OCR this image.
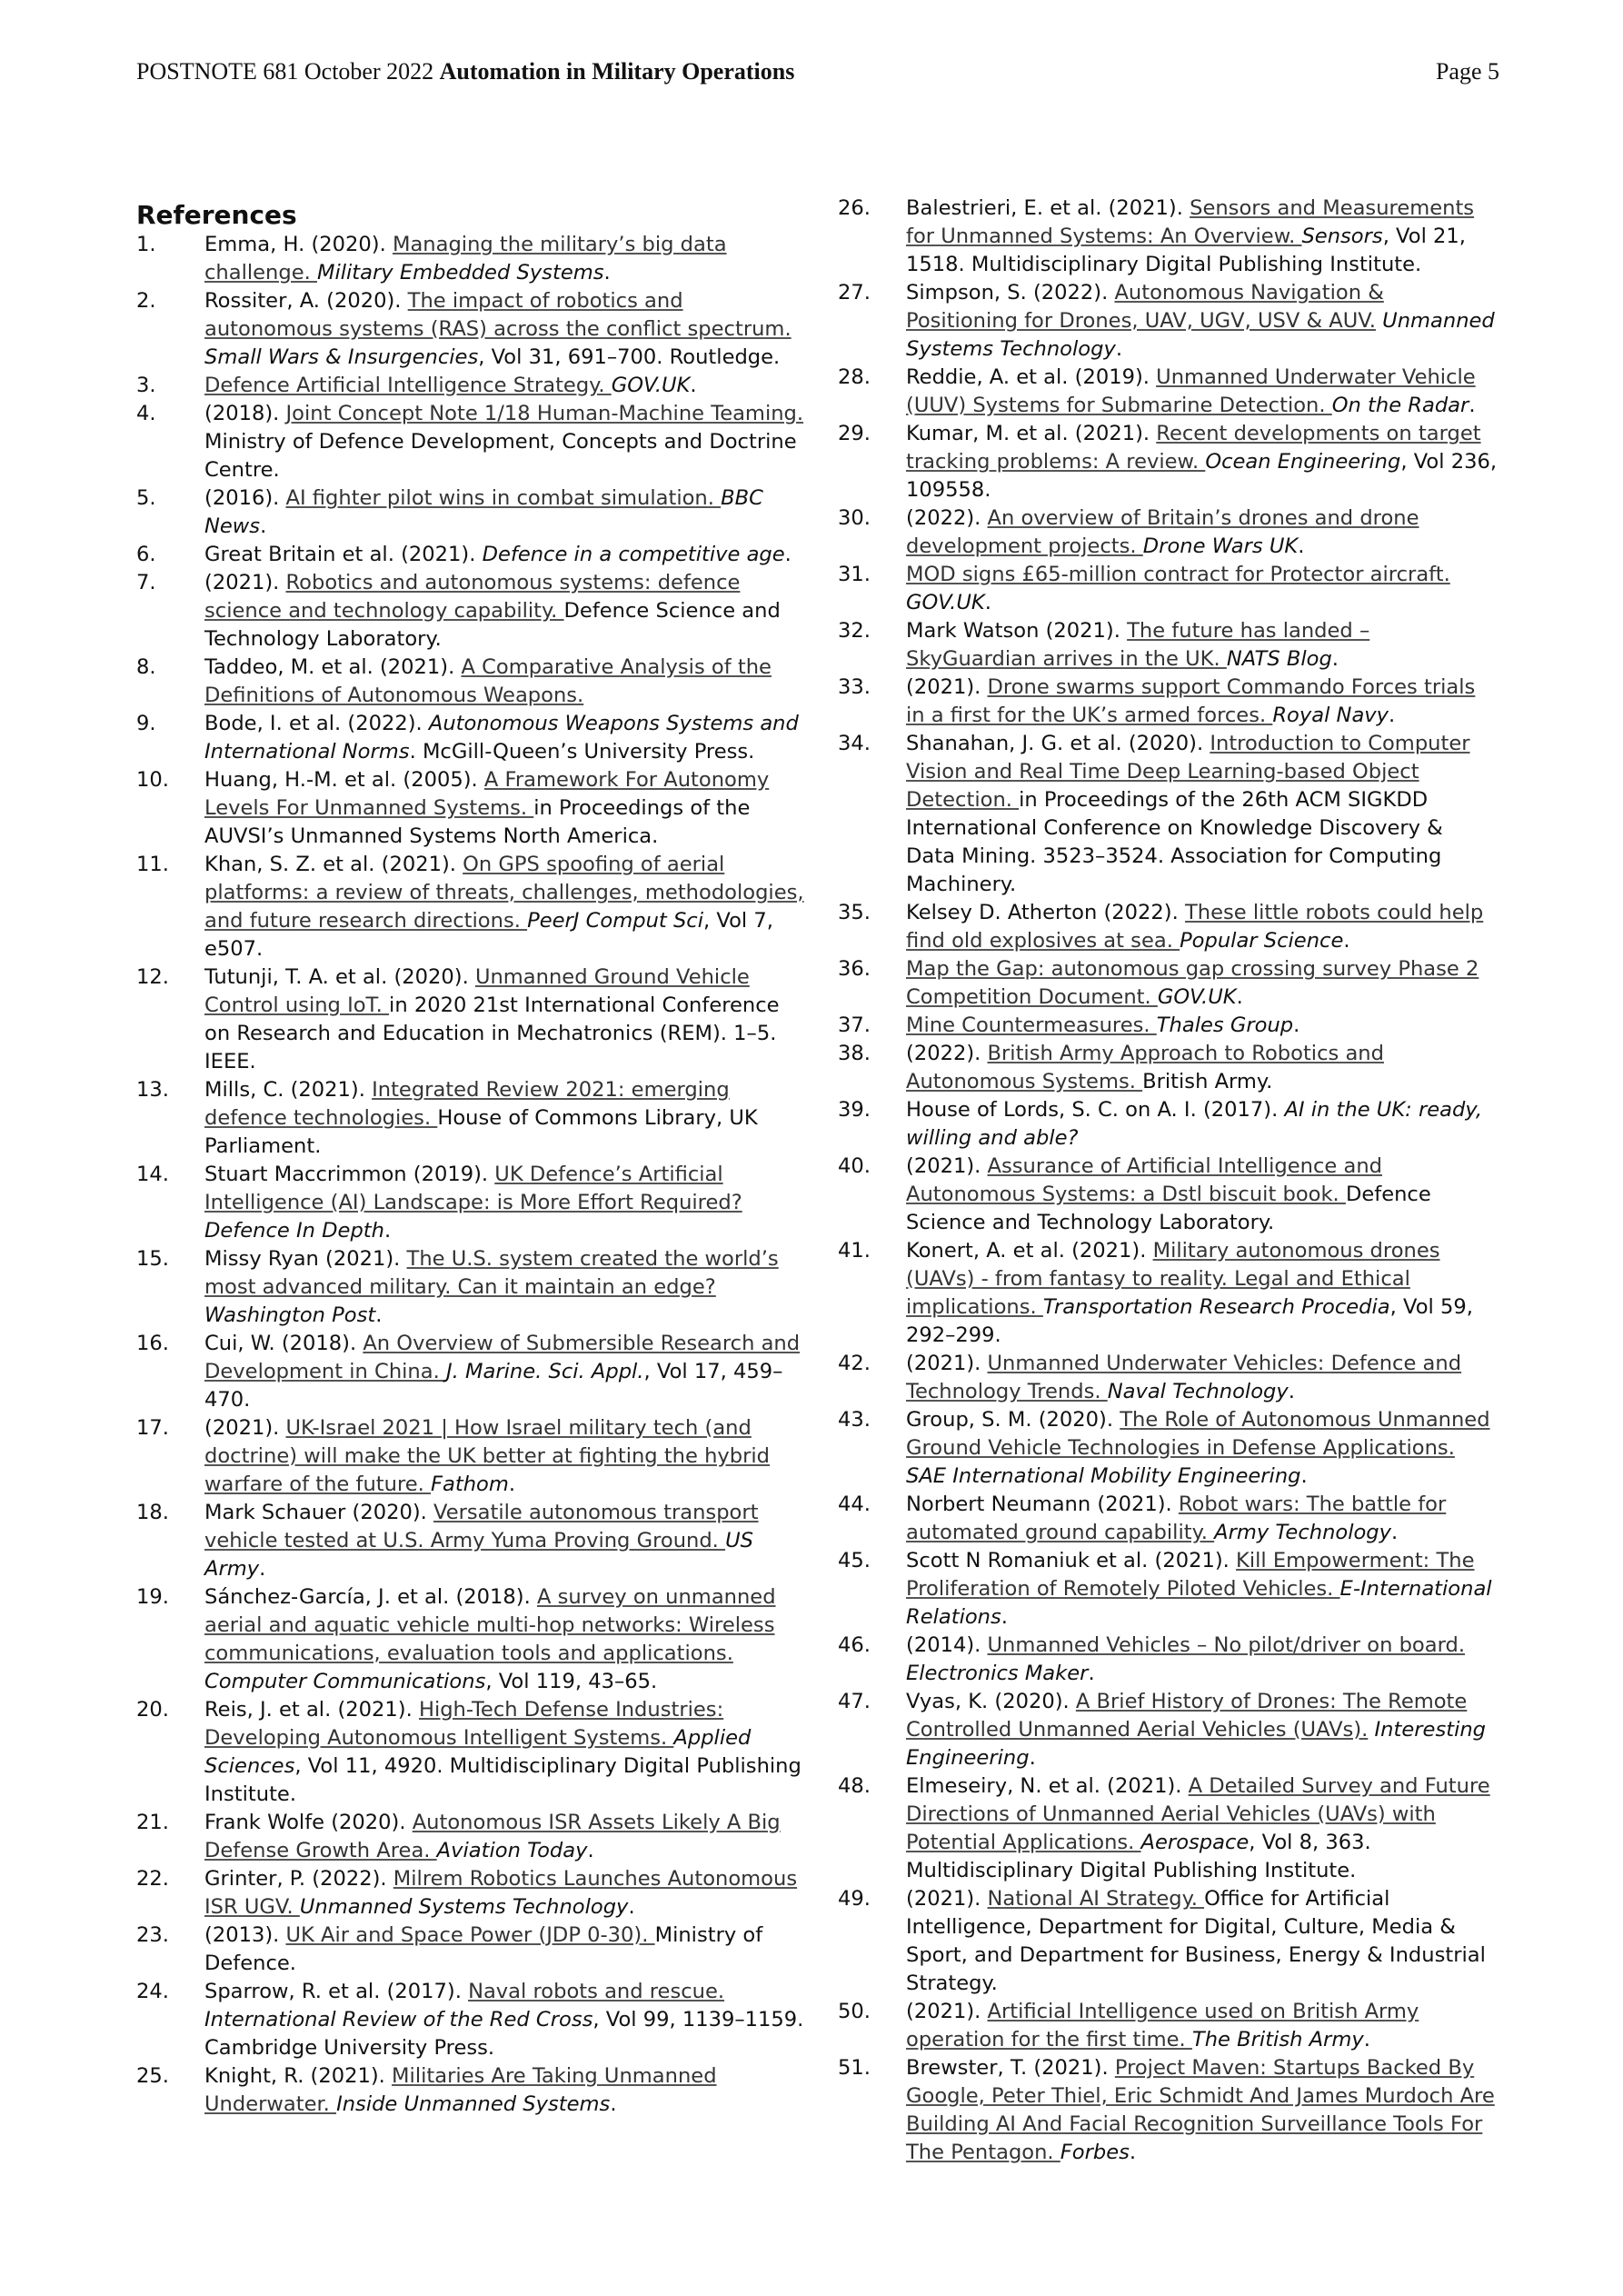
POSTNOTE 681 October 2022 Automation in Military Operations	Page 5
References
1. Emma, H. (2020). Managing the military’s big data challenge. Military Embedded Systems.
2. Rossiter, A. (2020). The impact of robotics and autonomous systems (RAS) across the conflict spectrum. Small Wars & Insurgencies, Vol 31, 691–700. Routledge.
3. Defence Artificial Intelligence Strategy. GOV.UK.
4. (2018). Joint Concept Note 1/18 Human-Machine Teaming. Ministry of Defence Development, Concepts and Doctrine Centre.
5. (2016). AI fighter pilot wins in combat simulation. BBC News.
6. Great Britain et al. (2021). Defence in a competitive age.
7. (2021). Robotics and autonomous systems: defence science and technology capability. Defence Science and Technology Laboratory.
8. Taddeo, M. et al. (2021). A Comparative Analysis of the Definitions of Autonomous Weapons.
9. Bode, I. et al. (2022). Autonomous Weapons Systems and International Norms. McGill-Queen’s University Press.
10. Huang, H.-M. et al. (2005). A Framework For Autonomy Levels For Unmanned Systems. in Proceedings of the AUVSI’s Unmanned Systems North America.
11. Khan, S. Z. et al. (2021). On GPS spoofing of aerial platforms: a review of threats, challenges, methodologies, and future research directions. PeerJ Comput Sci, Vol 7, e507.
12. Tutunji, T. A. et al. (2020). Unmanned Ground Vehicle Control using IoT. in 2020 21st International Conference on Research and Education in Mechatronics (REM). 1–5. IEEE.
13. Mills, C. (2021). Integrated Review 2021: emerging defence technologies. House of Commons Library, UK Parliament.
14. Stuart Maccrimmon (2019). UK Defence’s Artificial Intelligence (AI) Landscape: is More Effort Required? Defence In Depth.
15. Missy Ryan (2021). The U.S. system created the world’s most advanced military. Can it maintain an edge? Washington Post.
16. Cui, W. (2018). An Overview of Submersible Research and Development in China. J. Marine. Sci. Appl., Vol 17, 459–470.
17. (2021). UK-Israel 2021 | How Israel military tech (and doctrine) will make the UK better at fighting the hybrid warfare of the future. Fathom.
18. Mark Schauer (2020). Versatile autonomous transport vehicle tested at U.S. Army Yuma Proving Ground. US Army.
19. Sánchez-García, J. et al. (2018). A survey on unmanned aerial and aquatic vehicle multi-hop networks: Wireless communications, evaluation tools and applications. Computer Communications, Vol 119, 43–65.
20. Reis, J. et al. (2021). High-Tech Defense Industries: Developing Autonomous Intelligent Systems. Applied Sciences, Vol 11, 4920. Multidisciplinary Digital Publishing Institute.
21. Frank Wolfe (2020). Autonomous ISR Assets Likely A Big Defense Growth Area. Aviation Today.
22. Grinter, P. (2022). Milrem Robotics Launches Autonomous ISR UGV. Unmanned Systems Technology.
23. (2013). UK Air and Space Power (JDP 0-30). Ministry of Defence.
24. Sparrow, R. et al. (2017). Naval robots and rescue. International Review of the Red Cross, Vol 99, 1139–1159. Cambridge University Press.
25. Knight, R. (2021). Militaries Are Taking Unmanned Underwater. Inside Unmanned Systems.
26. Balestrieri, E. et al. (2021). Sensors and Measurements for Unmanned Systems: An Overview. Sensors, Vol 21, 1518. Multidisciplinary Digital Publishing Institute.
27. Simpson, S. (2022). Autonomous Navigation & Positioning for Drones, UAV, UGV, USV & AUV. Unmanned Systems Technology.
28. Reddie, A. et al. (2019). Unmanned Underwater Vehicle (UUV) Systems for Submarine Detection. On the Radar.
29. Kumar, M. et al. (2021). Recent developments on target tracking problems: A review. Ocean Engineering, Vol 236, 109558.
30. (2022). An overview of Britain’s drones and drone development projects. Drone Wars UK.
31. MOD signs £65-million contract for Protector aircraft. GOV.UK.
32. Mark Watson (2021). The future has landed – SkyGuardian arrives in the UK. NATS Blog.
33. (2021). Drone swarms support Commando Forces trials in a first for the UK’s armed forces. Royal Navy.
34. Shanahan, J. G. et al. (2020). Introduction to Computer Vision and Real Time Deep Learning-based Object Detection. in Proceedings of the 26th ACM SIGKDD International Conference on Knowledge Discovery & Data Mining. 3523–3524. Association for Computing Machinery.
35. Kelsey D. Atherton (2022). These little robots could help find old explosives at sea. Popular Science.
36. Map the Gap: autonomous gap crossing survey Phase 2 Competition Document. GOV.UK.
37. Mine Countermeasures. Thales Group.
38. (2022). British Army Approach to Robotics and Autonomous Systems. British Army.
39. House of Lords, S. C. on A. I. (2017). AI in the UK: ready, willing and able?
40. (2021). Assurance of Artificial Intelligence and Autonomous Systems: a Dstl biscuit book. Defence Science and Technology Laboratory.
41. Konert, A. et al. (2021). Military autonomous drones (UAVs) - from fantasy to reality. Legal and Ethical implications. Transportation Research Procedia, Vol 59, 292–299.
42. (2021). Unmanned Underwater Vehicles: Defence and Technology Trends. Naval Technology.
43. Group, S. M. (2020). The Role of Autonomous Unmanned Ground Vehicle Technologies in Defense Applications. SAE International Mobility Engineering.
44. Norbert Neumann (2021). Robot wars: The battle for automated ground capability. Army Technology.
45. Scott N Romaniuk et al. (2021). Kill Empowerment: The Proliferation of Remotely Piloted Vehicles. E-International Relations.
46. (2014). Unmanned Vehicles – No pilot/driver on board. Electronics Maker.
47. Vyas, K. (2020). A Brief History of Drones: The Remote Controlled Unmanned Aerial Vehicles (UAVs). Interesting Engineering.
48. Elmeseiry, N. et al. (2021). A Detailed Survey and Future Directions of Unmanned Aerial Vehicles (UAVs) with Potential Applications. Aerospace, Vol 8, 363. Multidisciplinary Digital Publishing Institute.
49. (2021). National AI Strategy. Office for Artificial Intelligence, Department for Digital, Culture, Media & Sport, and Department for Business, Energy & Industrial Strategy.
50. (2021). Artificial Intelligence used on British Army operation for the first time. The British Army.
51. Brewster, T. (2021). Project Maven: Startups Backed By Google, Peter Thiel, Eric Schmidt And James Murdoch Are Building AI And Facial Recognition Surveillance Tools For The Pentagon. Forbes.
